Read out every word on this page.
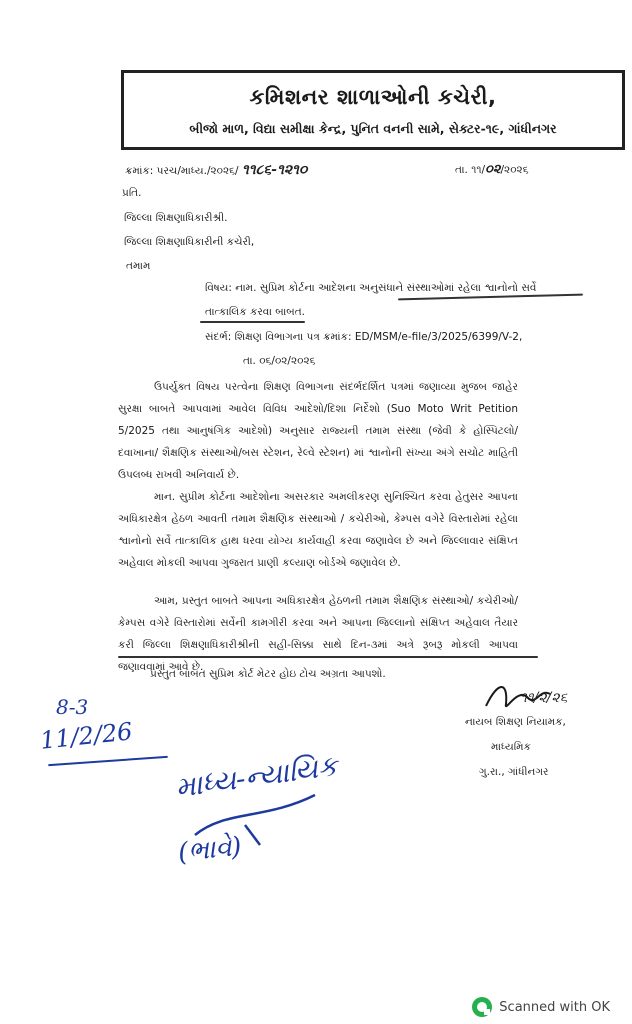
કમિશનર શાળાઓની કચેરી,
બીજો માળ, વિદ્યા સમીક્ષા કેન્દ્ર, પુનિત વનની સામે, સેક્ટર-૧૯, ગાંધીનગર
ક્રમાંક: પરચ/માધ્ય./૨૦૨૬/ ૧૧૮૬-૧૨૧૦	તા. ૧૧/૦૨/૨૦૨૬
પ્રતિ.
જિલ્લા શિક્ષણાધિકારીશ્રી.
જિલ્લા શિક્ષણાધિકારીની કચેરી,
તમામ
વિષય: નામ. સુપ્રિમ કોર્ટના આદેશના અનુસંધાને સંસ્થાઓમાં રહેલા શ્વાનોનો સર્વે
તાત્કાલિક કરવા બાબત.
સંદર્ભ: શિક્ષણ વિભાગના પત્ર ક્રમાંક: ED/MSM/e-file/3/2025/6399/V-2,
તા. ૦૬/૦૨/૨૦૨૬

ઉપર્યુક્ત વિષય પરત્વેના શિક્ષણ વિભાગના સંદર્ભદર્શિત પત્રમાં જણાવ્યા મુજબ જાહેર સુરક્ષા બાબતે આપવામાં આવેલ વિવિધ આદેશો/દિશા નિર્દેશો (Suo Moto Writ Petition 5/2025 તથા આનુષંગિક આદેશો) અનુસાર રાજ્યની તમામ સંસ્થા (જેવી કે હોસ્પિટલો/દવાખાના/ શૈક્ષણિક સંસ્થાઓ/બસ સ્ટેશન, રેલ્વે સ્ટેશન) માં શ્વાનોની સંખ્યા અંગે સચોટ માહિતી ઉપલબ્ધ રાખવી અનિવાર્ય છે.

માન. સુપ્રીમ કોર્ટના આદેશોના અસરકાર અમલીકરણ સુનિશ્ચિત કરવા હેતુસર આપના અધિકારક્ષેત્ર હેઠળ આવતી તમામ શૈક્ષણિક સંસ્થાઓ / કચેરીઓ, કેમ્પસ વગેરે વિસ્તારોમાં રહેલા શ્વાનોનો સર્વે તાત્કાલિક હાથ ધરવા યોગ્ય કાર્યવાહી કરવા જણાવેલ છે અને જિલ્લાવાર સંક્ષિપ્ત અહેવાલ મોકલી આપવા ગુજરાત પ્રાણી કલ્યાણ બોર્ડએ જણાવેલ છે.

આમ, પ્રસ્તુત બાબતે આપના અધિકારક્ષેત્ર હેઠળની તમામ શૈક્ષણિક સંસ્થાઓ/ કચેરીઓ/ કેમ્પસ વગેરે વિસ્તારોમાં સર્વેની કામગીરી કરવા અને આપના જિલ્લાનો સંક્ષિપ્ત અહેવાલ તૈયાર કરી જિલ્લા શિક્ષણાધિકારીશ્રીની સહી-સિક્કા સાથે દિન-૩માં અત્રે રૂબરૂ મોકલી આપવા જણાવવામાં આવે છે.

પ્રસ્તુત બાબત સુપ્રિમ કોર્ટ મેટર હોઇ ટોચ અગ્રતા આપશો.
૧૧/૨/૨૬
નાયબ શિક્ષણ નિયામક,
માધ્યમિક
ગુ.રા., ગાંધીનગર
8-3
11/2/26
માધ્ય-ન્યાયિક
(ભાવે)
Scanned with OK
